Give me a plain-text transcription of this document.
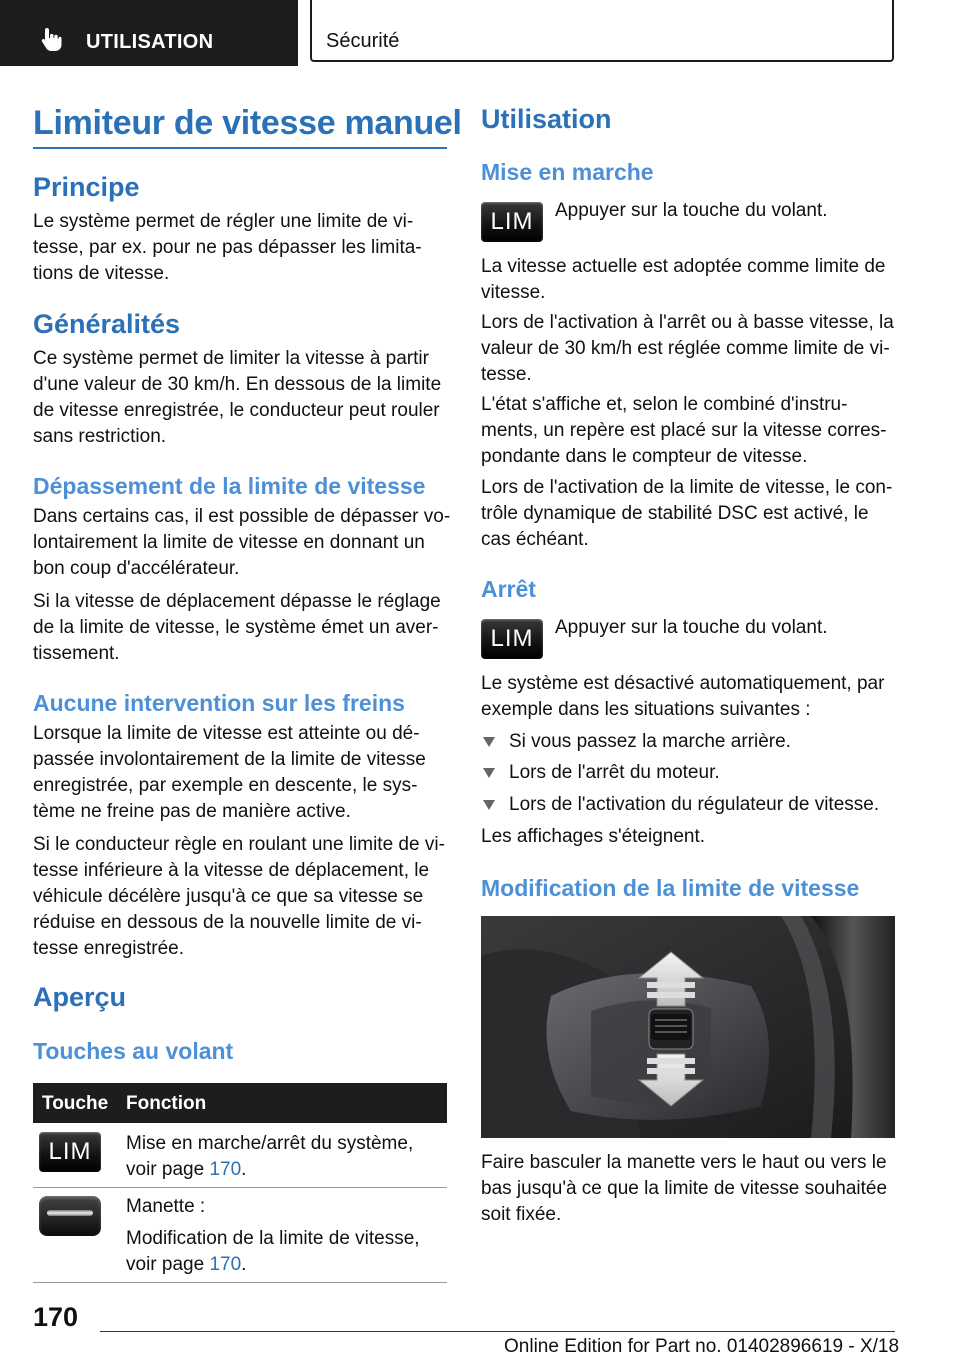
UTILISATION	Sécurité
Limiteur de vitesse manuel
Principe
Le système permet de régler une limite de vi-
tesse, par ex. pour ne pas dépasser les limita-
tions de vitesse.
Généralités
Ce système permet de limiter la vitesse à partir
d'une valeur de 30 km/h. En dessous de la limite
de vitesse enregistrée, le conducteur peut rouler
sans restriction.
Dépassement de la limite de vitesse
Dans certains cas, il est possible de dépasser vo-
lontairement la limite de vitesse en donnant un
bon coup d'accélérateur.
Si la vitesse de déplacement dépasse le réglage
de la limite de vitesse, le système émet un aver-
tissement.
Aucune intervention sur les freins
Lorsque la limite de vitesse est atteinte ou dé-
passée involontairement de la limite de vitesse
enregistrée, par exemple en descente, le sys-
tème ne freine pas de manière active.
Si le conducteur règle en roulant une limite de vi-
tesse inférieure à la vitesse de déplacement, le
véhicule décélère jusqu'à ce que sa vitesse se
réduise en dessous de la nouvelle limite de vi-
tesse enregistrée.
Aperçu
Touches au volant
Touche Fonction
LIM	Mise en marche/arrêt du système,
voir page 170.
Manette :
Modification de la limite de vitesse,
voir page 170.
Utilisation
Mise en marche
LIM	Appuyer sur la touche du volant.
La vitesse actuelle est adoptée comme limite de
vitesse.
Lors de l'activation à l'arrêt ou à basse vitesse, la
valeur de 30 km/h est réglée comme limite de vi-
tesse.
L'état s'affiche et, selon le combiné d'instru-
ments, un repère est placé sur la vitesse corres-
pondante dans le compteur de vitesse.
Lors de l'activation de la limite de vitesse, le con-
trôle dynamique de stabilité DSC est activé, le
cas échéant.
Arrêt
LIM	Appuyer sur la touche du volant.
Le système est désactivé automatiquement, par
exemple dans les situations suivantes :
Si vous passez la marche arrière.
Lors de l'arrêt du moteur.
Lors de l'activation du régulateur de vitesse.
Les affichages s'éteignent.
Modification de la limite de vitesse
Faire basculer la manette vers le haut ou vers le
bas jusqu'à ce que la limite de vitesse souhaitée
soit fixée.
170
Online Edition for Part no. 01402896619 - X/18
